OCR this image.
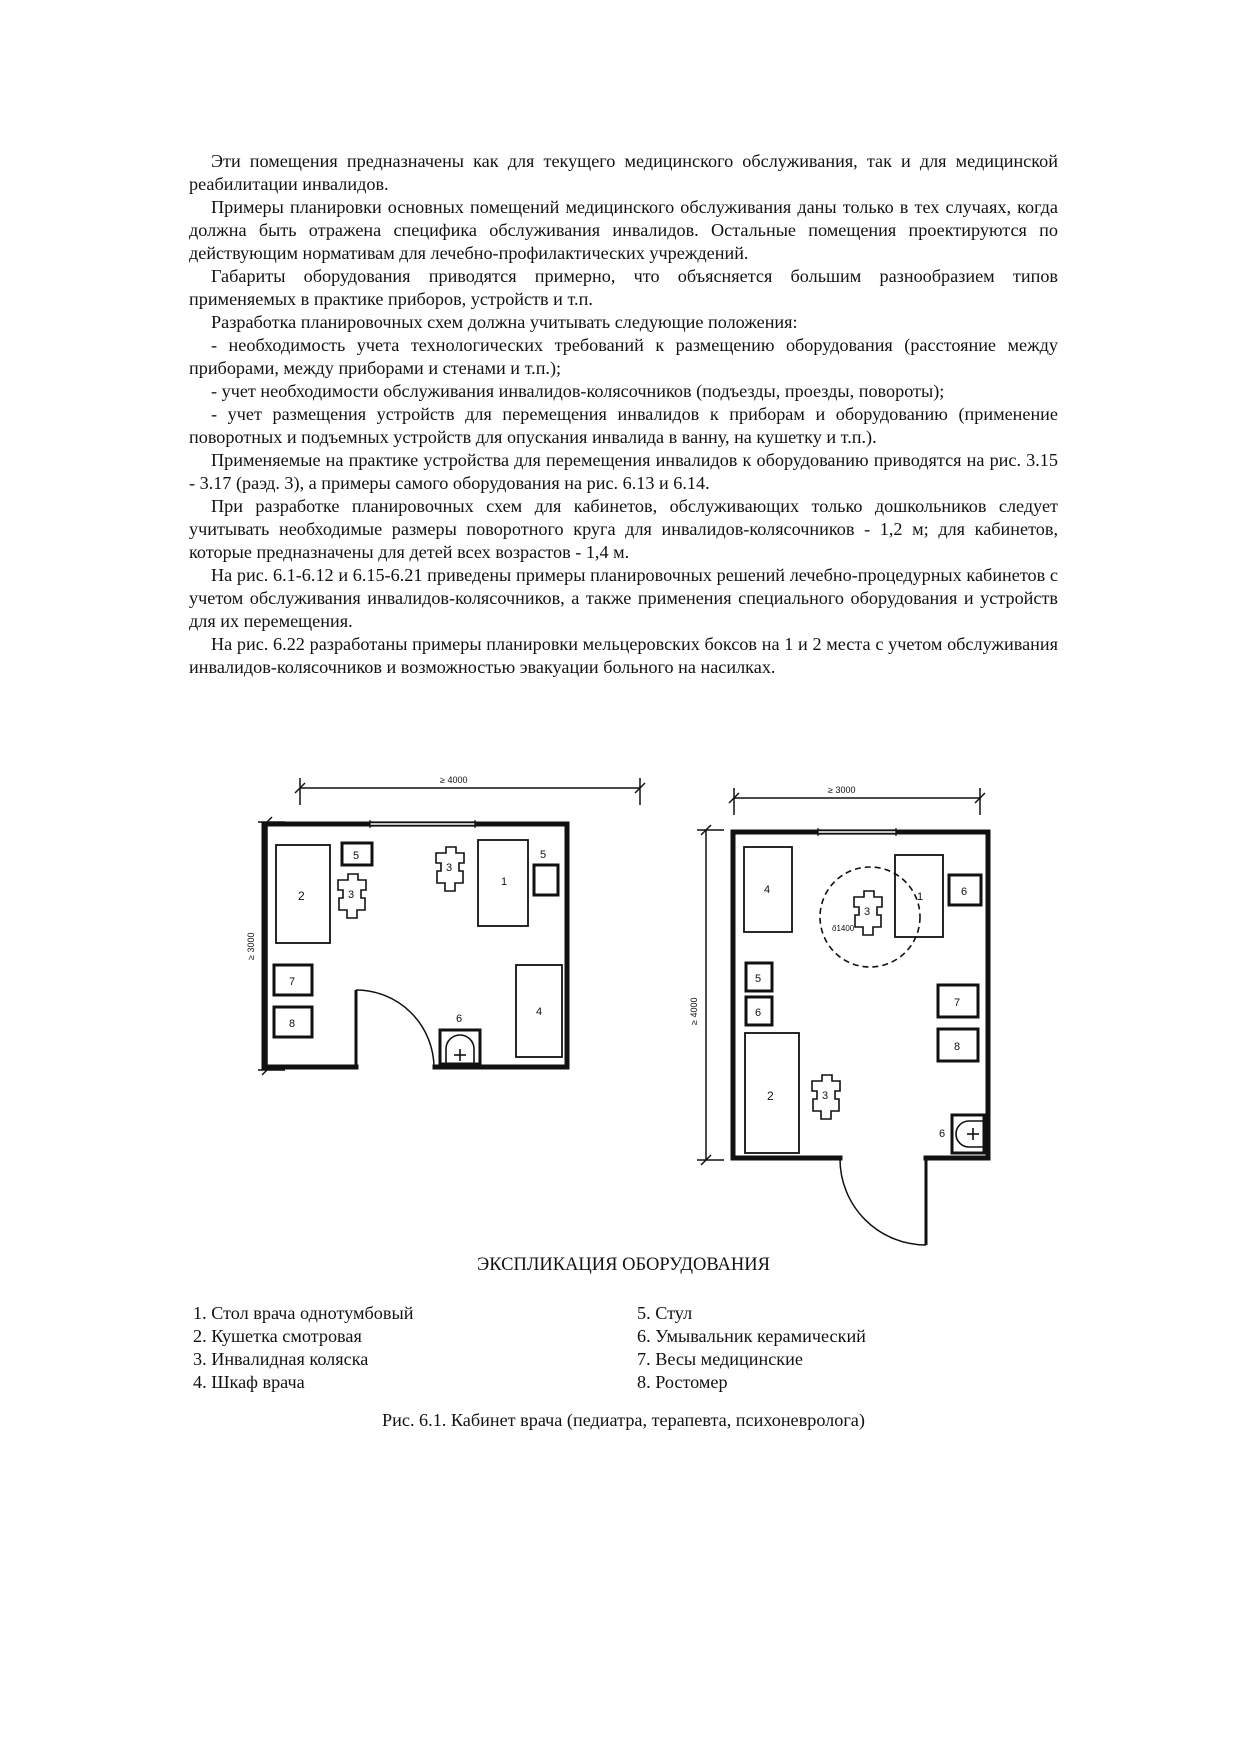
Эти помещения предназначены как для текущего медицинского обслуживания, так и для медицинской реабилитации инвалидов.

Примеры планировки основных помещений медицинского обслуживания даны только в тех случаях, когда должна быть отражена специфика обслуживания инвалидов. Остальные помещения проектируются по действующим нормативам для лечебно-профилактических учреждений.

Габариты оборудования приводятся примерно, что объясняется большим разнообразием типов применяемых в практике приборов, устройств и т.п.

Разработка планировочных схем должна учитывать следующие положения:

- необходимость учета технологических требований к размещению оборудования (расстояние между приборами, между приборами и стенами и т.п.);

- учет необходимости обслуживания инвалидов-колясочников (подъезды, проезды, повороты);

- учет размещения устройств для перемещения инвалидов к приборам и оборудованию (применение поворотных и подъемных устройств для опускания инвалида в ванну, на кушетку и т.п.).

Применяемые на практике устройства для перемещения инвалидов к оборудованию приводятся на рис. 3.15 - 3.17 (раэд. 3), а примеры самого оборудования на рис. 6.13 и 6.14.

При разработке планировочных схем для кабинетов, обслуживающих только дошкольников следует учитывать необходимые размеры поворотного круга для инвалидов-колясочников - 1,2 м; для кабинетов, которые предназначены для детей всех возрастов - 1,4 м.

На рис. 6.1-6.12 и 6.15-6.21 приведены примеры планировочных решений лечебно-процедурных кабинетов с учетом обслуживания инвалидов-колясочников, а также применения специального оборудования и устройств для их перемещения.

На рис. 6.22 разработаны примеры планировки мельцеровских боксов на 1 и 2 места с учетом обслуживания инвалидов-колясочников и возможностью эвакуации больного на насилках.

≥ 4000
≥ 3000
2
5
3
3
1
5
7
8	6
4
≥ 3000
≥ 4000
ő1400
4
3
1	6
5
6
7
8
2	3
6
ЭКСПЛИКАЦИЯ ОБОРУДОВАНИЯ
1. Стол врача однотумбовый
2. Кушетка смотровая
3. Инвалидная коляска
4. Шкаф врача
5. Стул
6. Умывальник керамический
7. Весы медицинские
8. Ростомер
Рис. 6.1. Кабинет врача (педиатра, терапевта, психоневролога)
